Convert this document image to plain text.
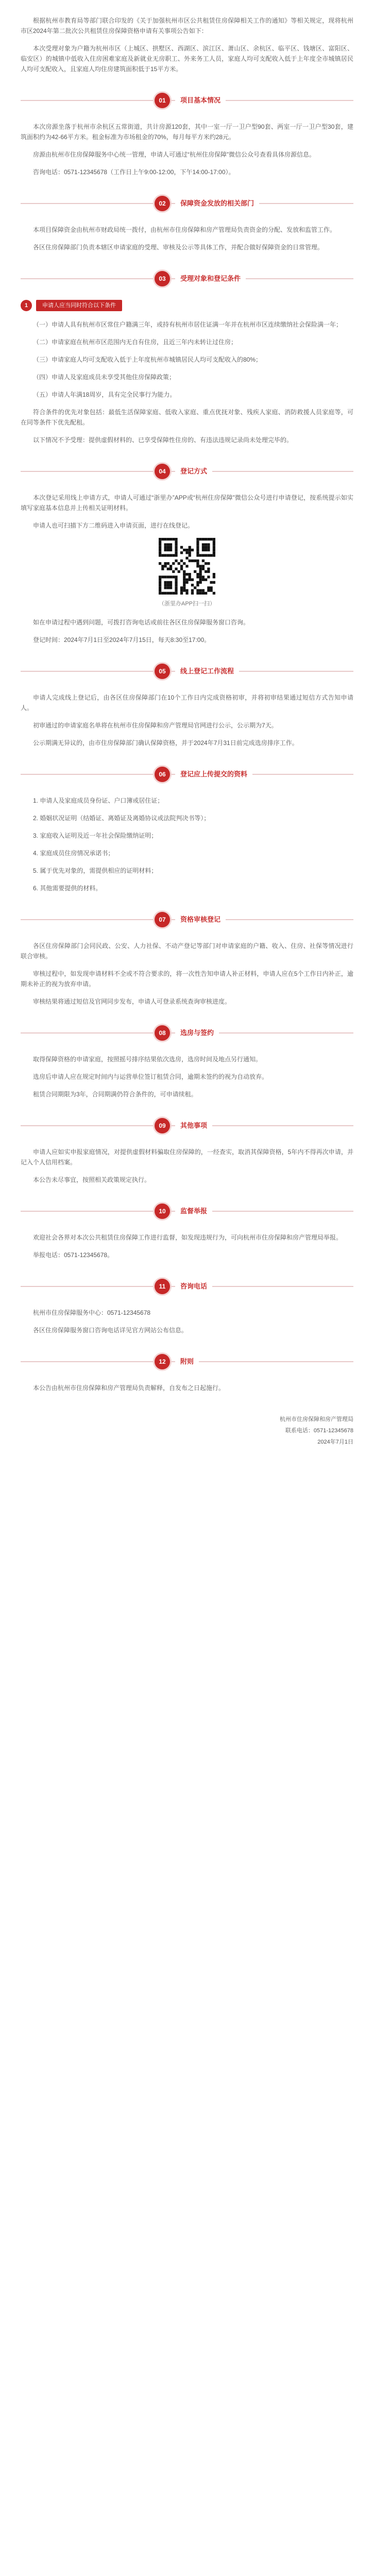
根据杭州市教育局等部门联合印发的《关于加强杭州市区公共租赁住房保障相关工作的通知》等相关规定，现将杭州市区2024年第二批次公共租赁住房保障资格申请有关事项公告如下：

本次受理对象为户籍为杭州市区（上城区、拱墅区、西湖区、滨江区、萧山区、余杭区、临平区、钱塘区、富阳区、临安区）的城镇中低收入住房困难家庭及新就业无房职工、外来务工人员，家庭人均可支配收入低于上年度全市城镇居民人均可支配收入，且家庭人均住房建筑面积低于15平方米。

01	项目基本情况

本次房源坐落于杭州市余杭区五常街道，共计房源120套，其中一室一厅一卫户型90套、两室一厅一卫户型30套，建筑面积约为42-66平方米。租金标准为市场租金的70%，每月每平方米约28元。

房源由杭州市住房保障服务中心统一管理，申请人可通过“杭州住房保障”微信公众号查看具体房源信息。

咨询电话：0571-12345678（工作日上午9:00-12:00，下午14:00-17:00）。

02	保障资金发放的相关部门

本项目保障资金由杭州市财政局统一拨付，由杭州市住房保障和房产管理局负责资金的分配、发放和监管工作。

各区住房保障部门负责本辖区申请家庭的受理、审核及公示等具体工作，并配合做好保障资金的日常管理。

03	受理对象和登记条件
1	申请人应当同时符合以下条件

（一）申请人具有杭州市区常住户籍满三年，或持有杭州市居住证满一年并在杭州市区连续缴纳社会保险满一年；

（二）申请家庭在杭州市区范围内无自有住房，且近三年内未转让过住房；

（三）申请家庭人均可支配收入低于上年度杭州市城镇居民人均可支配收入的80%；

（四）申请人及家庭成员未享受其他住房保障政策；

（五）申请人年满18周岁，具有完全民事行为能力。

符合条件的优先对象包括：最低生活保障家庭、低收入家庭、重点优抚对象、残疾人家庭、消防救援人员家庭等，可在同等条件下优先配租。

以下情况不予受理：提供虚假材料的、已享受保障性住房的、有违法违规记录尚未处理完毕的。

04	登记方式

本次登记采用线上申请方式，申请人可通过“浙里办”APP或“杭州住房保障”微信公众号进行申请登记，按系统提示如实填写家庭基本信息并上传相关证明材料。

申请人也可扫描下方二维码进入申请页面，进行在线登记。

（浙里办APP扫一扫）

如在申请过程中遇到问题，可拨打咨询电话或前往各区住房保障服务窗口咨询。

登记时间：2024年7月1日至2024年7月15日，每天8:30至17:00。

05	线上登记工作流程

申请人完成线上登记后，由各区住房保障部门在10个工作日内完成资格初审，并将初审结果通过短信方式告知申请人。

初审通过的申请家庭名单将在杭州市住房保障和房产管理局官网进行公示，公示期为7天。

公示期满无异议的，由市住房保障部门确认保障资格，并于2024年7月31日前完成选房排序工作。

06	登记应上传提交的资料

1. 申请人及家庭成员身份证、户口簿或居住证；

2. 婚姻状况证明（结婚证、离婚证及离婚协议或法院判决书等）；

3. 家庭收入证明及近一年社会保险缴纳证明；

4. 家庭成员住房情况承诺书；

5. 属于优先对象的，需提供相应的证明材料；

6. 其他需要提供的材料。

07	资格审核登记

各区住房保障部门会同民政、公安、人力社保、不动产登记等部门对申请家庭的户籍、收入、住房、社保等情况进行联合审核。

审核过程中，如发现申请材料不全或不符合要求的，将一次性告知申请人补正材料，申请人应在5个工作日内补正，逾期未补正的视为放弃申请。

审核结果将通过短信及官网同步发布，申请人可登录系统查询审核进度。

08	选房与签约

取得保障资格的申请家庭，按照摇号排序结果依次选房，选房时间及地点另行通知。

选房后申请人应在规定时间内与运营单位签订租赁合同，逾期未签约的视为自动放弃。

租赁合同期限为3年，合同期满仍符合条件的，可申请续租。

09	其他事项

申请人应如实申报家庭情况，对提供虚假材料骗取住房保障的，一经查实，取消其保障资格，5年内不得再次申请，并记入个人信用档案。

本公告未尽事宜，按照相关政策规定执行。

10	监督举报

欢迎社会各界对本次公共租赁住房保障工作进行监督，如发现违规行为，可向杭州市住房保障和房产管理局举报。

举报电话：0571-12345678。

11	咨询电话

杭州市住房保障服务中心：0571-12345678

各区住房保障服务窗口咨询电话详见官方网站公布信息。

12	附则

本公告由杭州市住房保障和房产管理局负责解释，自发布之日起施行。

杭州市住房保障和房产管理局
联系电话：0571-12345678
2024年7月1日
